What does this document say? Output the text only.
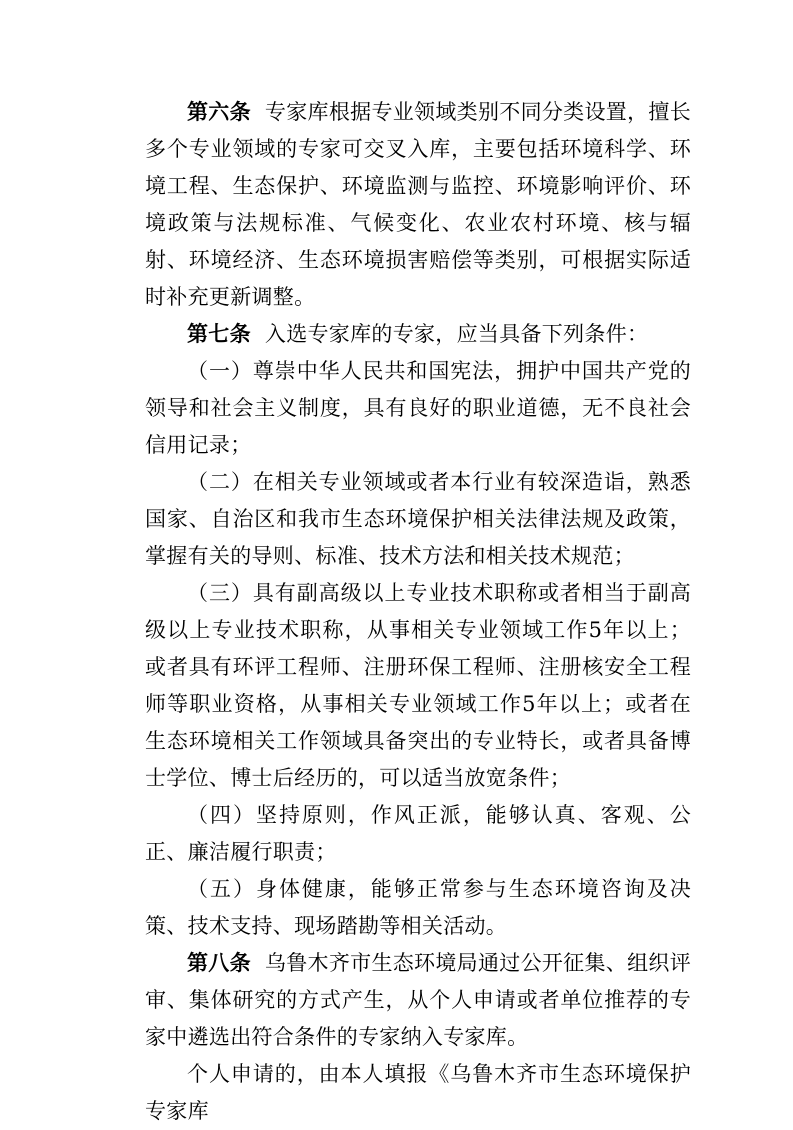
第六条 专家库根据专业领域类别不同分类设置，擅长多个专业领域的专家可交叉入库，主要包括环境科学、环境工程、生态保护、环境监测与监控、环境影响评价、环境政策与法规标准、气候变化、农业农村环境、核与辐射、环境经济、生态环境损害赔偿等类别，可根据实际适时补充更新调整。

第七条 入选专家库的专家，应当具备下列条件：

（一）尊崇中华人民共和国宪法，拥护中国共产党的领导和社会主义制度，具有良好的职业道德，无不良社会信用记录；

（二）在相关专业领域或者本行业有较深造诣，熟悉国家、自治区和我市生态环境保护相关法律法规及政策，掌握有关的导则、标准、技术方法和相关技术规范；

（三）具有副高级以上专业技术职称或者相当于副高级以上专业技术职称，从事相关专业领域工作5年以上；或者具有环评工程师、注册环保工程师、注册核安全工程师等职业资格，从事相关专业领域工作5年以上；或者在生态环境相关工作领域具备突出的专业特长，或者具备博士学位、博士后经历的，可以适当放宽条件；

（四）坚持原则，作风正派，能够认真、客观、公正、廉洁履行职责；

（五）身体健康，能够正常参与生态环境咨询及决策、技术支持、现场踏勘等相关活动。

第八条 乌鲁木齐市生态环境局通过公开征集、组织评审、集体研究的方式产生，从个人申请或者单位推荐的专家中遴选出符合条件的专家纳入专家库。

个人申请的，由本人填报《乌鲁木齐市生态环境保护专家库
